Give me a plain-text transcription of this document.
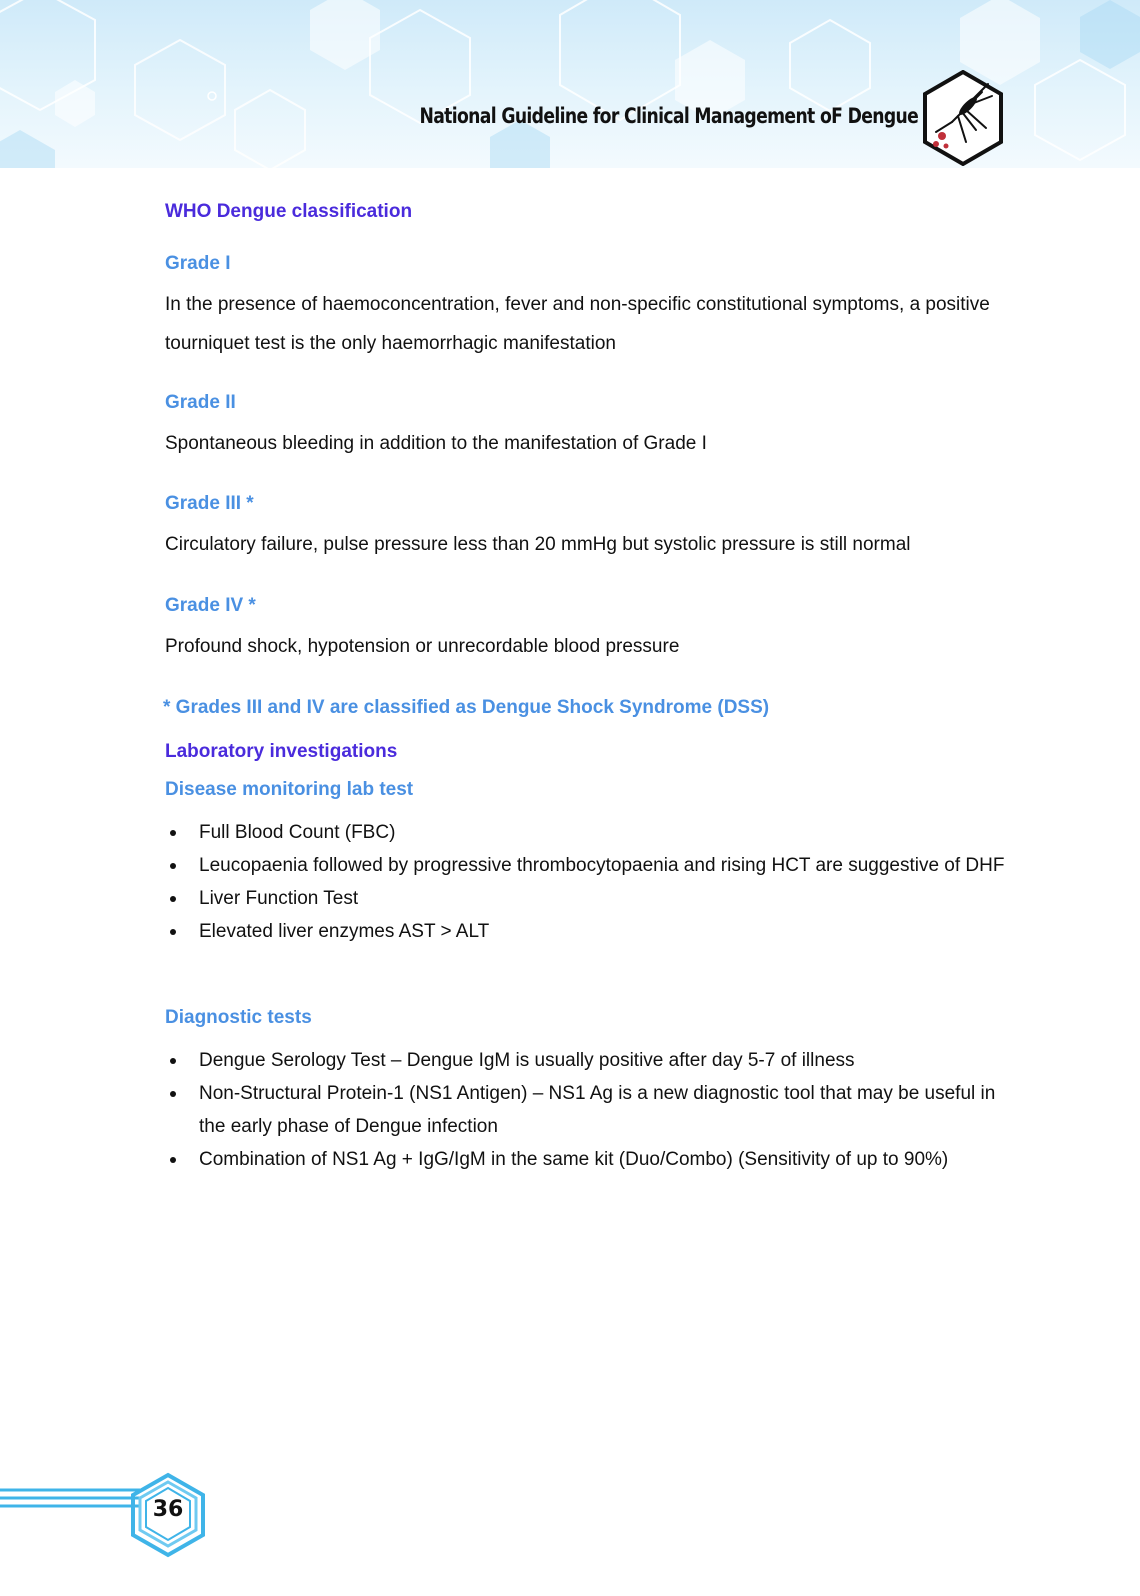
National Guideline for Clinical Management oF Dengue
WHO Dengue classification
Grade I
In the presence of haemoconcentration, fever and non-specific constitutional symptoms, a positive tourniquet test is the only haemorrhagic manifestation
Grade II
Spontaneous bleeding in addition to the manifestation of Grade I
Grade III *
Circulatory failure, pulse pressure less than 20 mmHg but systolic pressure is still normal
Grade IV *
Profound shock, hypotension or unrecordable blood pressure
* Grades III and IV are classified as Dengue Shock Syndrome (DSS)
Laboratory investigations
Disease monitoring lab test
Full Blood Count (FBC)
Leucopaenia followed by progressive thrombocytopaenia and rising HCT are suggestive of DHF
Liver Function Test
Elevated liver enzymes AST > ALT
Diagnostic tests
Dengue Serology Test – Dengue IgM is usually positive after day 5-7 of illness
Non-Structural Protein-1 (NS1 Antigen) – NS1 Ag is a new diagnostic tool that may be useful in the early phase of Dengue infection
Combination of NS1 Ag + IgG/IgM in the same kit (Duo/Combo) (Sensitivity of up to 90%)
36
